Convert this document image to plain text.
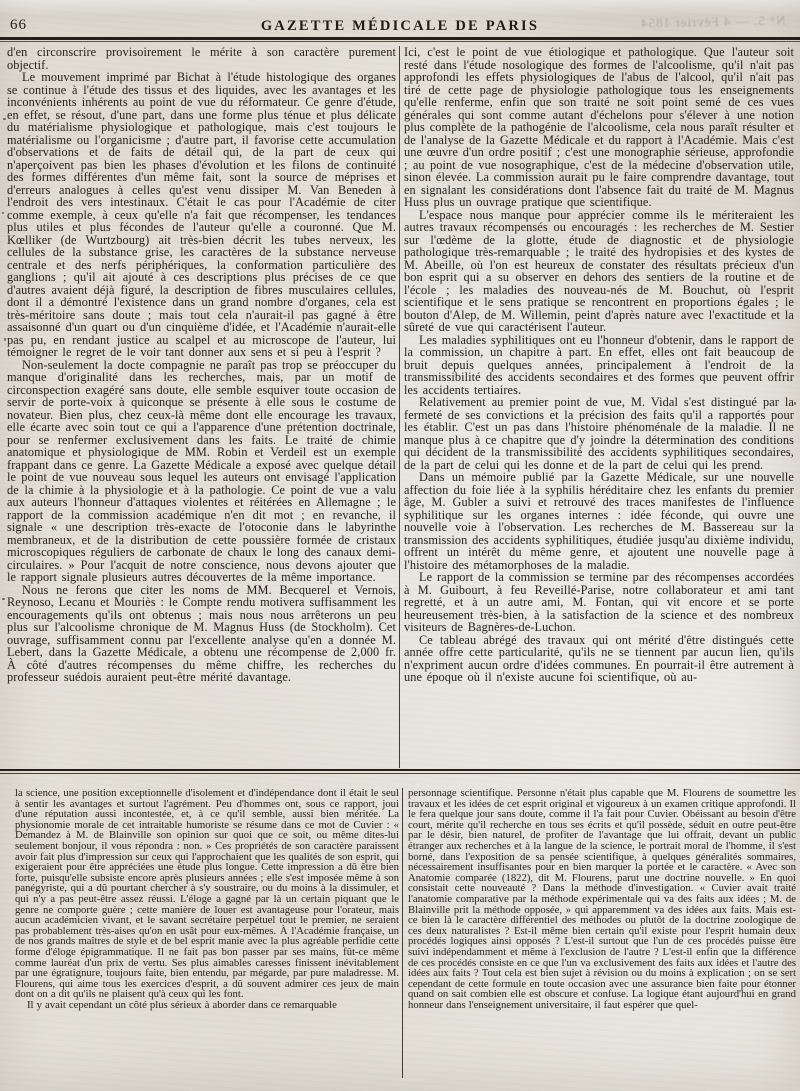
66	GAZETTE MÉDICALE DE PARIS	N° 5. — 4 Février 1854

d'en circonscrire provisoirement le mérite à son caractère purement objectif.

Le mouvement imprimé par Bichat à l'étude histologique des organes se continue à l'étude des tissus et des liquides, avec les avantages et les inconvénients inhérents au point de vue du réformateur. Ce genre d'étude, en effet, se résout, d'une part, dans une forme plus ténue et plus délicate du matérialisme physiologique et pathologique, mais c'est toujours le matérialisme ou l'organicisme ; d'autre part, il favorise cette accumulation d'observations et de faits de détail qui, de la part de ceux qui n'aperçoivent pas bien les phases d'évolution et les filons de continuité des formes différentes d'un même fait, sont la source de méprises et d'erreurs analogues à celles qu'est venu dissiper M. Van Beneden à l'endroit des vers intestinaux. C'était le cas pour l'Académie de citer comme exemple, à ceux qu'elle n'a fait que récompenser, les tendances plus utiles et plus fécondes de l'auteur qu'elle a couronné. Que M. Kœlliker (de Wurtzbourg) ait très-bien décrit les tubes nerveux, les cellules de la substance grise, les caractères de la substance nerveuse centrale et des nerfs périphériques, la conformation particulière des ganglions ; qu'il ait ajouté à ces descriptions plus précises de ce que d'autres avaient déjà figuré, la description de fibres musculaires cellules, dont il a démontré l'existence dans un grand nombre d'organes, cela est très-méritoire sans doute ; mais tout cela n'aurait-il pas gagné à être assaisonné d'un quart ou d'un cinquième d'idée, et l'Académie n'aurait-elle pas pu, en rendant justice au scalpel et au microscope de l'auteur, lui témoigner le regret de le voir tant donner aux sens et si peu à l'esprit ?

Non-seulement la docte compagnie ne paraît pas trop se préoccuper du manque d'originalité dans les recherches, mais, par un motif de circonspection exagéré sans doute, elle semble esquiver toute occasion de servir de porte-voix à quiconque se présente à elle sous le costume de novateur. Bien plus, chez ceux-là même dont elle encourage les travaux, elle écarte avec soin tout ce qui a l'apparence d'une prétention doctrinale, pour se renfermer exclusivement dans les faits. Le traité de chimie anatomique et physiologique de MM. Robin et Verdeil est un exemple frappant dans ce genre. La Gazette Médicale a exposé avec quelque détail le point de vue nouveau sous lequel les auteurs ont envisagé l'application de la chimie à la physiologie et à la pathologie. Ce point de vue a valu aux auteurs l'honneur d'attaques violentes et réitérées en Allemagne ; le rapport de la commission académique n'en dit mot ; en revanche, il signale « une description très-exacte de l'otoconie dans le labyrinthe membraneux, et de la distribution de cette poussière formée de cristaux microscopiques réguliers de carbonate de chaux le long des canaux demi-circulaires. » Pour l'acquit de notre conscience, nous devons ajouter que le rapport signale plusieurs autres découvertes de la même importance.

Nous ne ferons que citer les noms de MM. Becquerel et Vernois, Reynoso, Lecanu et Mouriès : le Compte rendu motivera suffisamment les encouragements qu'ils ont obtenus ; mais nous nous arrêterons un peu plus sur l'alcoolisme chronique de M. Magnus Huss (de Stockholm). Cet ouvrage, suffisamment connu par l'excellente analyse qu'en a donnée M. Lebert, dans la Gazette Médicale, a obtenu une récompense de 2,000 fr. À côté d'autres récompenses du même chiffre, les recherches du professeur suédois auraient peut-être mérité davantage.

Ici, c'est le point de vue étiologique et pathologique. Que l'auteur soit resté dans l'étude nosologique des formes de l'alcoolisme, qu'il n'ait pas approfondi les effets physiologiques de l'abus de l'alcool, qu'il n'ait pas tiré de cette page de physiologie pathologique tous les enseignements qu'elle renferme, enfin que son traité ne soit point semé de ces vues générales qui sont comme autant d'échelons pour s'élever à une notion plus complète de la pathogénie de l'alcoolisme, cela nous paraît résulter et de l'analyse de la Gazette Médicale et du rapport à l'Académie. Mais c'est une œuvre d'un ordre positif ; c'est une monographie sérieuse, approfondie ; au point de vue nosographique, c'est de la médecine d'observation utile, sinon élevée. La commission aurait pu le faire comprendre davantage, tout en signalant les considérations dont l'absence fait du traité de M. Magnus Huss plus un ouvrage pratique que scientifique.

L'espace nous manque pour apprécier comme ils le mériteraient les autres travaux récompensés ou encouragés : les recherches de M. Sestier sur l'œdème de la glotte, étude de diagnostic et de physiologie pathologique très-remarquable ; le traité des hydropisies et des kystes de M. Abeille, où l'on est heureux de constater des résultats précieux d'un bon esprit qui a su observer en dehors des sentiers de la routine et de l'école ; les maladies des nouveau-nés de M. Bouchut, où l'esprit scientifique et le sens pratique se rencontrent en proportions égales ; le bouton d'Alep, de M. Willemin, peint d'après nature avec l'exactitude et la sûreté de vue qui caractérisent l'auteur.

Les maladies syphilitiques ont eu l'honneur d'obtenir, dans le rapport de la commission, un chapitre à part. En effet, elles ont fait beaucoup de bruit depuis quelques années, principalement à l'endroit de la transmissibilité des accidents secondaires et des formes que peuvent offrir les accidents tertiaires.

Relativement au premier point de vue, M. Vidal s'est distingué par la fermeté de ses convictions et la précision des faits qu'il a rapportés pour les établir. C'est un pas dans l'histoire phénoménale de la maladie. Il ne manque plus à ce chapitre que d'y joindre la détermination des conditions qui décident de la transmissibilité des accidents syphilitiques secondaires, de la part de celui qui les donne et de la part de celui qui les prend.

Dans un mémoire publié par la Gazette Médicale, sur une nouvelle affection du foie liée à la syphilis héréditaire chez les enfants du premier âge, M. Gubler a suivi et retrouvé des traces manifestes de l'influence syphilitique sur les organes internes : idée féconde, qui ouvre une nouvelle voie à l'observation. Les recherches de M. Bassereau sur la transmission des accidents syphilitiques, étudiée jusqu'au dixième individu, offrent un intérêt du même genre, et ajoutent une nouvelle page à l'histoire des métamorphoses de la maladie.

Le rapport de la commission se termine par des récompenses accordées à M. Guibourt, à feu Reveillé-Parise, notre collaborateur et ami tant regretté, et à un autre ami, M. Fontan, qui vit encore et se porte heureusement très-bien, à la satisfaction de la science et des nombreux visiteurs de Bagnères-de-Luchon.

Ce tableau abrégé des travaux qui ont mérité d'être distingués cette année offre cette particularité, qu'ils ne se tiennent par aucun lien, qu'ils n'expriment aucun ordre d'idées communes. En pourrait-il être autrement à une époque où il n'existe aucune foi scientifique, où au-

la science, une position exceptionnelle d'isolement et d'indépendance dont il était le seul à sentir les avantages et surtout l'agrément. Peu d'hommes ont, sous ce rapport, joui d'une réputation aussi incontestée, et, à ce qu'il semble, aussi bien méritée. La physionomie morale de cet intraitable humoriste se résume dans ce mot de Cuvier : « Demandez à M. de Blainville son opinion sur quoi que ce soit, ou même dites-lui seulement bonjour, il vous répondra : non. » Ces propriétés de son caractère paraissent avoir fait plus d'impression sur ceux qui l'approchaient que les qualités de son esprit, qui exigeraient pour être appréciées une étude plus longue. Cette impression a dû être bien forte, puisqu'elle subsiste encore après plusieurs années ; elle s'est imposée même à son panégyriste, qui a dû pourtant chercher à s'y soustraire, ou du moins à la dissimuler, et qui n'y a pas peut-être assez réussi. L'éloge a gagné par là un certain piquant que le genre ne comporte guère ; cette manière de louer est avantageuse pour l'orateur, mais aucun académicien vivant, et le savant secrétaire perpétuel tout le premier, ne seraient pas probablement très-aises qu'on en usât pour eux-mêmes. À l'Académie française, un de nos grands maîtres de style et de bel esprit manie avec la plus agréable perfidie cette forme d'éloge épigrammatique. Il ne fait pas bon passer par ses mains, fût-ce même comme lauréat d'un prix de vertu. Ses plus aimables caresses finissent inévitablement par une égratignure, toujours faite, bien entendu, par mégarde, par pure maladresse. M. Flourens, qui aime tous les exercices d'esprit, a dû souvent admirer ces jeux de main dont on a dit qu'ils ne plaisent qu'à ceux qui les font.

Il y avait cependant un côté plus sérieux à aborder dans ce remarquable

personnage scientifique. Personne n'était plus capable que M. Flourens de soumettre les travaux et les idées de cet esprit original et vigoureux à un examen critique approfondi. Il le fera quelque jour sans doute, comme il l'a fait pour Cuvier. Obéissant au besoin d'être court, mérite qu'il recherche en tous ses écrits et qu'il possède, séduit en outre peut-être par le désir, bien naturel, de profiter de l'avantage que lui offrait, devant un public étranger aux recherches et à la langue de la science, le portrait moral de l'homme, il s'est borné, dans l'exposition de sa pensée scientifique, à quelques généralités sommaires, nécessairement insuffisantes pour en bien marquer la portée et le caractère. « Avec son Anatomie comparée (1822), dit M. Flourens, parut une doctrine nouvelle. » En quoi consistait cette nouveauté ? Dans la méthode d'investigation. « Cuvier avait traité l'anatomie comparative par la méthode expérimentale qui va des faits aux idées ; M. de Blainville prit la méthode opposée, » qui apparemment va des idées aux faits. Mais est-ce bien là le caractère différentiel des méthodes ou plutôt de la doctrine zoologique de ces deux naturalistes ? Est-il même bien certain qu'il existe pour l'esprit humain deux procédés logiques ainsi opposés ? L'est-il surtout que l'un de ces procédés puisse être suivi indépendamment et même à l'exclusion de l'autre ? L'est-il enfin que la différence de ces procédés consiste en ce que l'un va exclusivement des faits aux idées et l'autre des idées aux faits ? Tout cela est bien sujet à révision ou du moins à explication ; on se sert cependant de cette formule en toute occasion avec une assurance bien faite pour étonner quand on sait combien elle est obscure et confuse. La logique étant aujourd'hui en grand honneur dans l'enseignement universitaire, il faut espérer que quel-
